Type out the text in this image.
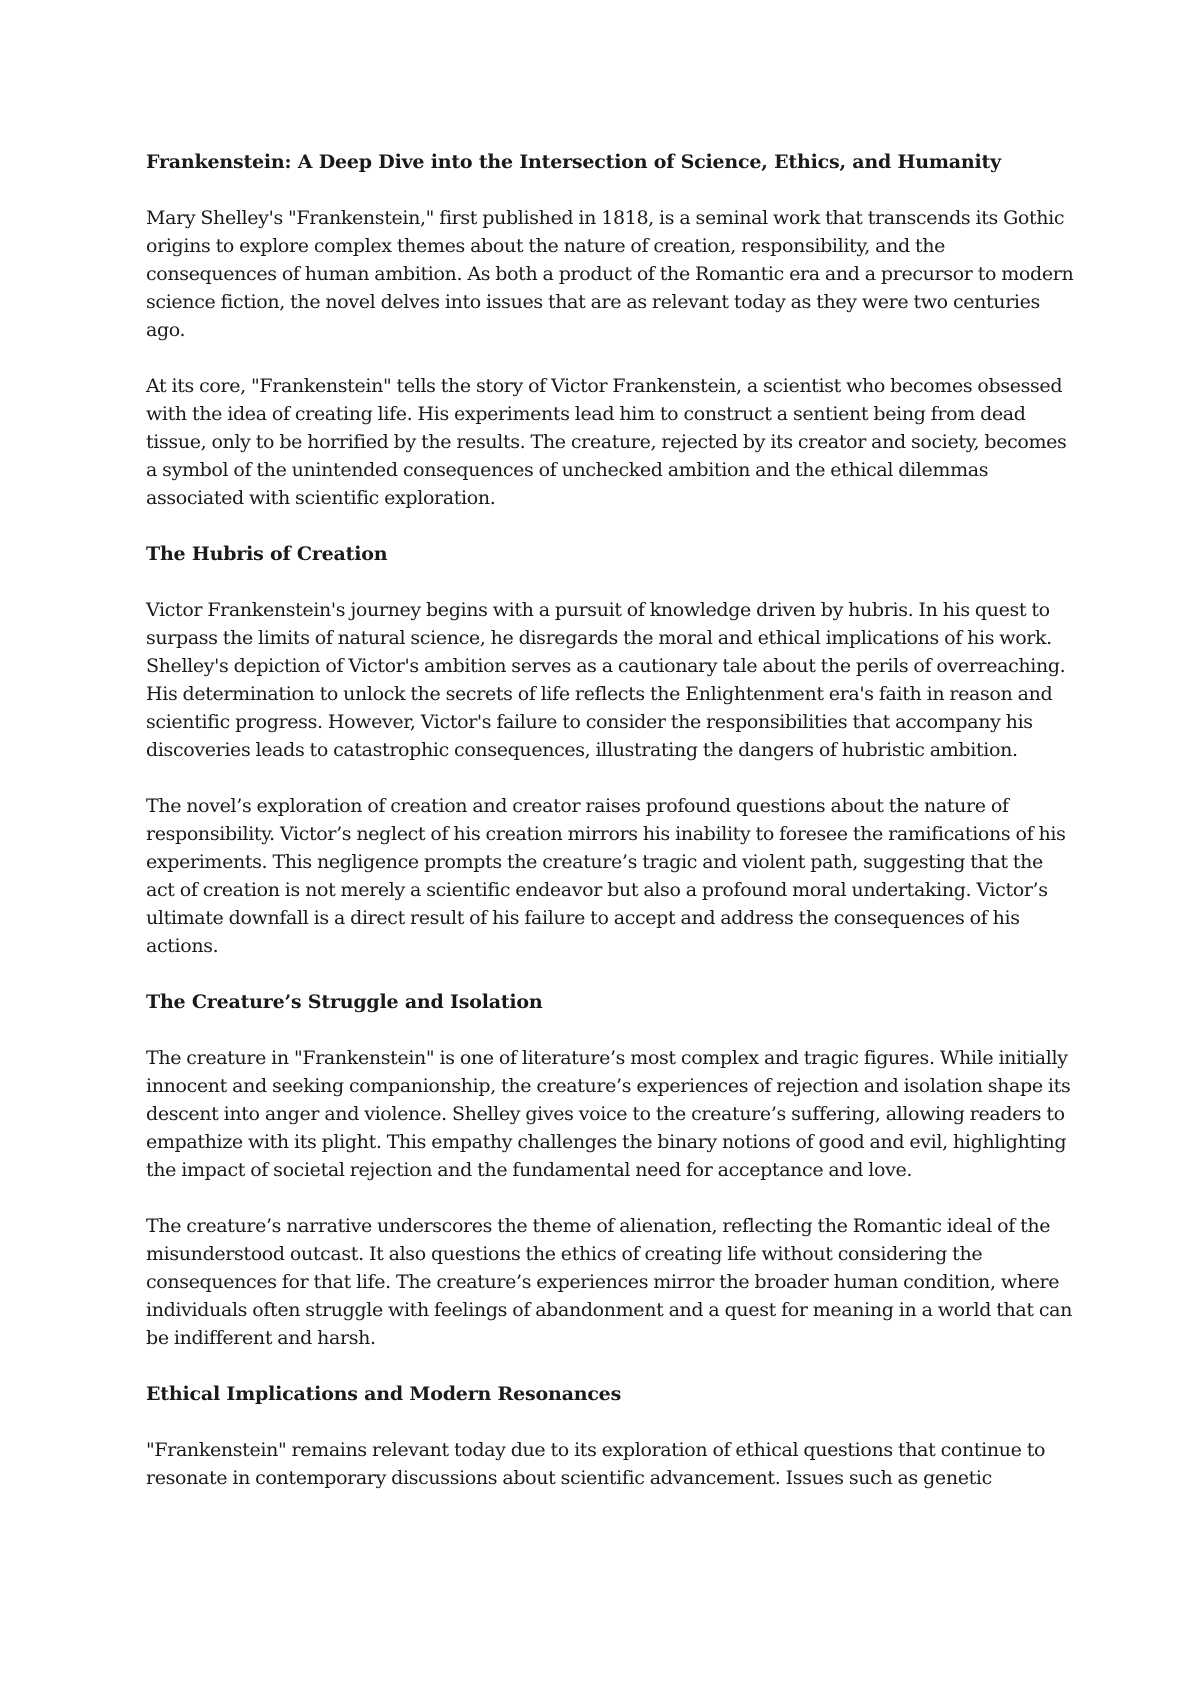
Frankenstein: A Deep Dive into the Intersection of Science, Ethics, and Humanity

Mary Shelley's "Frankenstein," first published in 1818, is a seminal work that transcends its Gothic origins to explore complex themes about the nature of creation, responsibility, and the consequences of human ambition. As both a product of the Romantic era and a precursor to modern science fiction, the novel delves into issues that are as relevant today as they were two centuries ago.

At its core, "Frankenstein" tells the story of Victor Frankenstein, a scientist who becomes obsessed with the idea of creating life. His experiments lead him to construct a sentient being from dead tissue, only to be horrified by the results. The creature, rejected by its creator and society, becomes a symbol of the unintended consequences of unchecked ambition and the ethical dilemmas associated with scientific exploration.

The Hubris of Creation

Victor Frankenstein's journey begins with a pursuit of knowledge driven by hubris. In his quest to surpass the limits of natural science, he disregards the moral and ethical implications of his work. Shelley's depiction of Victor's ambition serves as a cautionary tale about the perils of overreaching. His determination to unlock the secrets of life reflects the Enlightenment era's faith in reason and scientific progress. However, Victor's failure to consider the responsibilities that accompany his discoveries leads to catastrophic consequences, illustrating the dangers of hubristic ambition.

The novel’s exploration of creation and creator raises profound questions about the nature of responsibility. Victor’s neglect of his creation mirrors his inability to foresee the ramifications of his experiments. This negligence prompts the creature’s tragic and violent path, suggesting that the act of creation is not merely a scientific endeavor but also a profound moral undertaking. Victor’s ultimate downfall is a direct result of his failure to accept and address the consequences of his actions.

The Creature’s Struggle and Isolation

The creature in "Frankenstein" is one of literature’s most complex and tragic figures. While initially innocent and seeking companionship, the creature’s experiences of rejection and isolation shape its descent into anger and violence. Shelley gives voice to the creature’s suffering, allowing readers to empathize with its plight. This empathy challenges the binary notions of good and evil, highlighting the impact of societal rejection and the fundamental need for acceptance and love.

The creature’s narrative underscores the theme of alienation, reflecting the Romantic ideal of the misunderstood outcast. It also questions the ethics of creating life without considering the consequences for that life. The creature’s experiences mirror the broader human condition, where individuals often struggle with feelings of abandonment and a quest for meaning in a world that can be indifferent and harsh.

Ethical Implications and Modern Resonances

"Frankenstein" remains relevant today due to its exploration of ethical questions that continue to resonate in contemporary discussions about scientific advancement. Issues such as genetic
